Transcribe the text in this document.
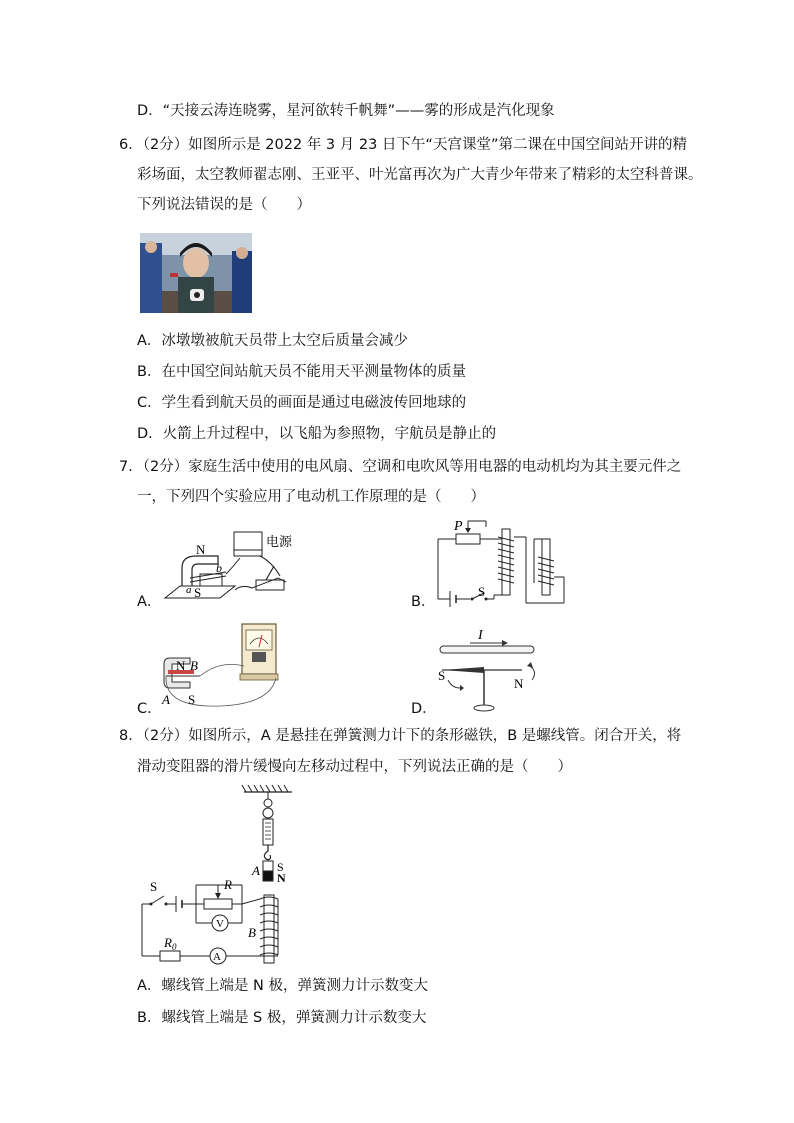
D．“天接云涛连晓雾，星河欲转千帆舞”——雾的形成是汽化现象
6．（2分）如图所示是 2022 年 3 月 23 日下午“天宫课堂”第二课在中国空间站开讲的精
彩场面，太空教师翟志刚、王亚平、叶光富再次为广大青少年带来了精彩的太空科普课。
下列说法错误的是（　　）
A．冰墩墩被航天员带上太空后质量会减少
B．在中国空间站航天员不能用天平测量物体的质量
C．学生看到航天员的画面是通过电磁波传回地球的
D．火箭上升过程中，以飞船为参照物，宇航员是静止的
7．（2分）家庭生活中使用的电风扇、空调和电吹风等用电器的电动机均为其主要元件之
一，下列四个实验应用了电动机工作原理的是（　　）
N
b
a S
电源
A．
P
S
B．
N B
A S
C．
I
S
N
D．
8．（2分）如图所示，A 是悬挂在弹簧测力计下的条形磁铁，B 是螺线管。闭合开关，将
滑动变阻器的滑片缓慢向左移动过程中，下列说法正确的是（　　）
S
N
A
B
S	R
V
$R_0$
A
A．螺线管上端是 N 极，弹簧测力计示数变大
B．螺线管上端是 S 极，弹簧测力计示数变大
